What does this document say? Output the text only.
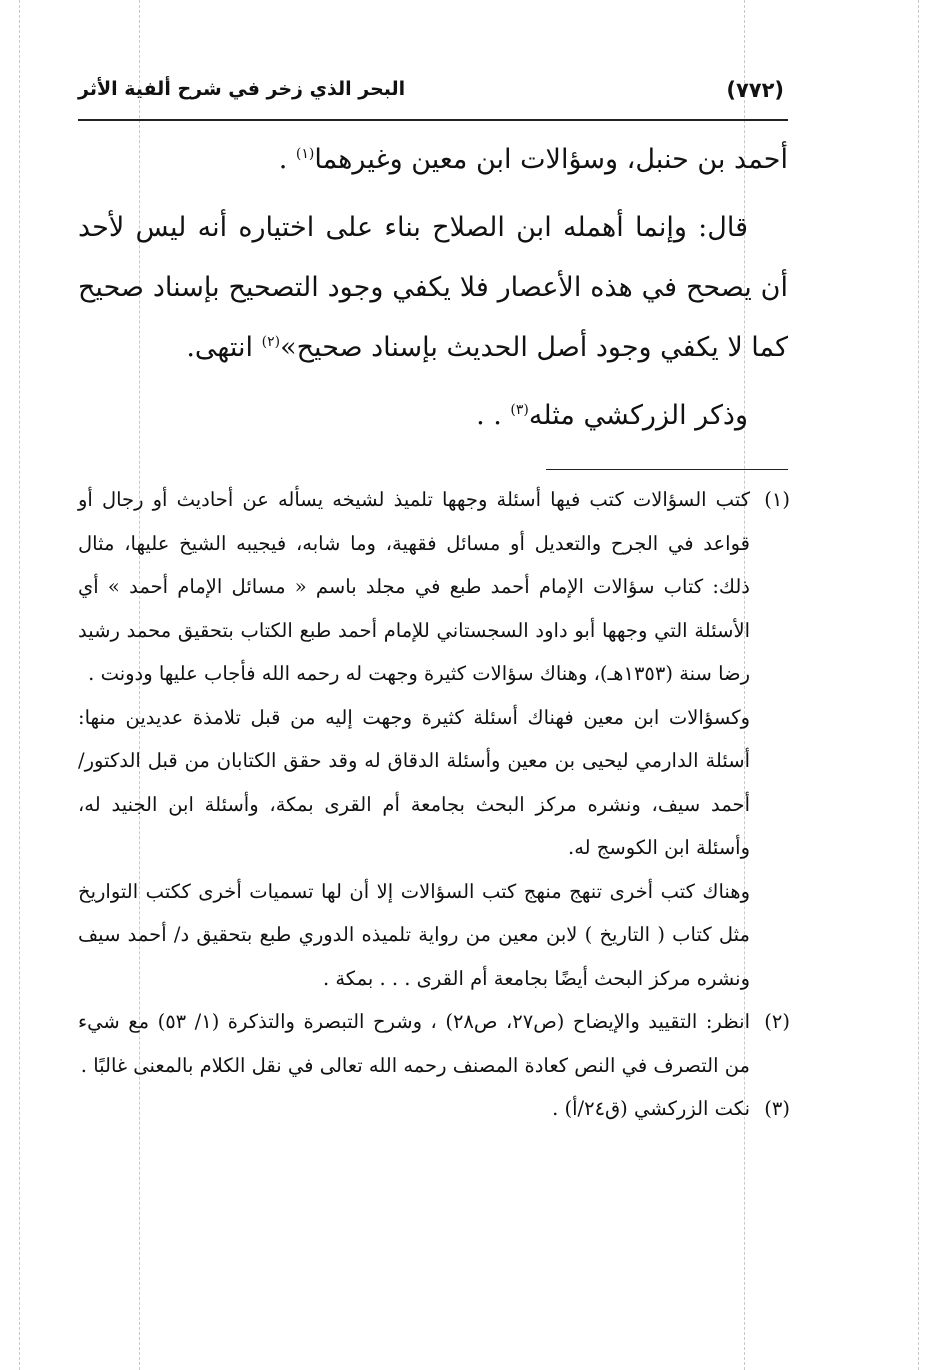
(٧٧٢)
البحر الذي زخر في شرح ألفية الأثر

أحمد بن حنبل، وسؤالات ابن معين وغيرهما$^{(١)}$ .

قال: وإنما أهمله ابن الصلاح بناء على اختياره أنه ليس لأحد أن يصحح في هذه الأعصار فلا يكفي وجود التصحيح بإسناد صحيح كما لا يكفي وجود أصل الحديث بإسناد صحيح»$^{(٢)}$ انتهى.

وذكر الزركشي مثله$^{(٣)}$ . .

(١)

كتب السؤالات كتب فيها أسئلة وجهها تلميذ لشيخه يسأله عن أحاديث أو رجال أو قواعد في الجرح والتعديل أو مسائل فقهية، وما شابه، فيجيبه الشيخ عليها، مثال ذلك: كتاب سؤالات الإمام أحمد طبع في مجلد باسم « مسائل الإمام أحمد » أي الأسئلة التي وجهها أبو داود السجستاني للإمام أحمد طبع الكتاب بتحقيق محمد رشيد رضا سنة (١٣٥٣هـ)، وهناك سؤالات كثيرة وجهت له رحمه الله فأجاب عليها ودونت .

وكسؤالات ابن معين فهناك أسئلة كثيرة وجهت إليه من قبل تلامذة عديدين منها: أسئلة الدارمي ليحيى بن معين وأسئلة الدقاق له وقد حقق الكتابان من قبل الدكتور/ أحمد سيف، ونشره مركز البحث بجامعة أم القرى بمكة، وأسئلة ابن الجنيد له، وأسئلة ابن الكوسج له.

وهناك كتب أخرى تنهج منهج كتب السؤالات إلا أن لها تسميات أخرى ككتب التواريخ مثل كتاب ( التاريخ ) لابن معين من رواية تلميذه الدوري طبع بتحقيق د/ أحمد سيف ونشره مركز البحث أيضًا بجامعة أم القرى . . . بمكة .

(٢)

انظر: التقييد والإيضاح (ص٢٧، ص٢٨) ، وشرح التبصرة والتذكرة (١/ ٥٣) مع شيء من التصرف في النص كعادة المصنف رحمه الله تعالى في نقل الكلام بالمعنى غالبًا .

(٣)

نكت الزركشي (ق٢٤/أ) .
